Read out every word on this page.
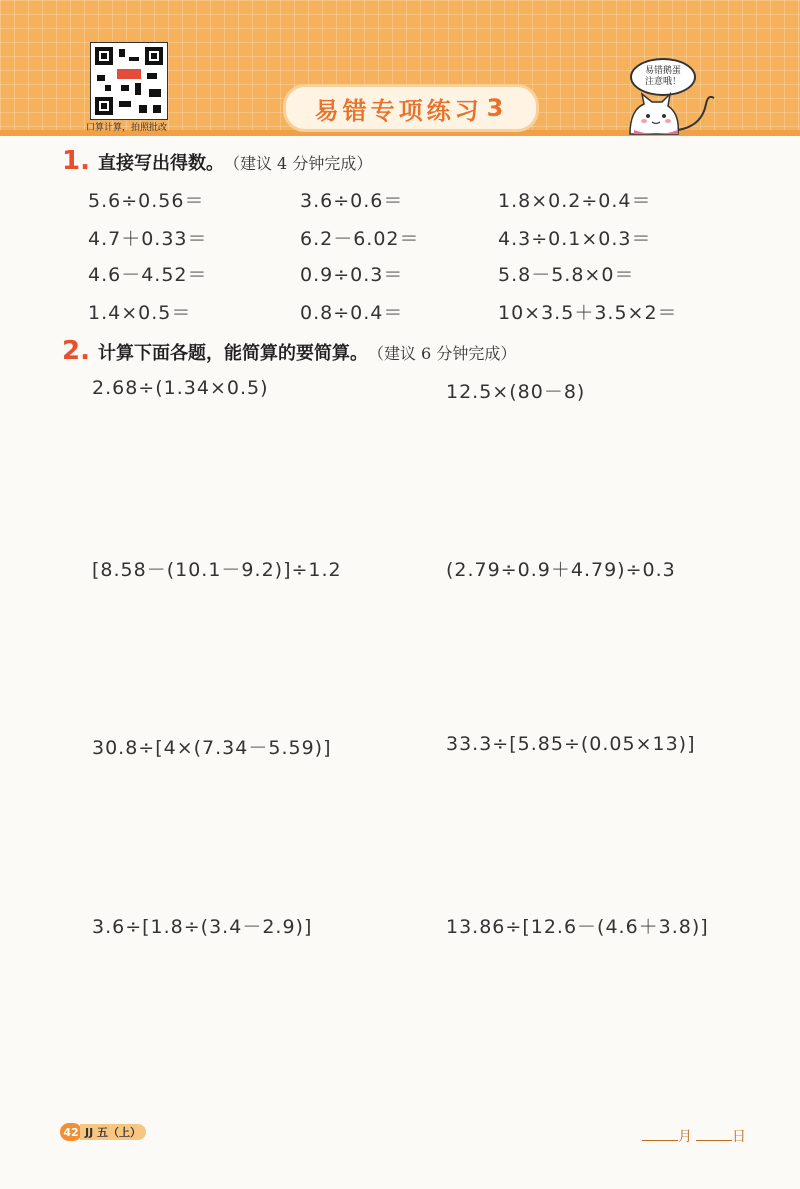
口算计算，拍照批改
易错专项练习 3
易错鹅蛋
注意哦！
1. 直接写出得数。 （建议 4 分钟完成）
5.6÷0.56＝	3.6÷0.6＝	1.8×0.2÷0.4＝
4.7＋0.33＝	6.2－6.02＝	4.3÷0.1×0.3＝
4.6－4.52＝	0.9÷0.3＝	5.8－5.8×0＝
1.4×0.5＝	0.8÷0.4＝	10×3.5＋3.5×2＝
2. 计算下面各题，能简算的要简算。 （建议 6 分钟完成）
2.68÷(1.34×0.5)	12.5×(80－8)
[8.58－(10.1－9.2)]÷1.2	(2.79÷0.9＋4.79)÷0.3
30.8÷[4×(7.34－5.59)]	33.3÷[5.85÷(0.05×13)]
3.6÷[1.8÷(3.4－2.9)]	13.86÷[12.6－(4.6＋3.8)]
42 JJ 五（上）	月	日
